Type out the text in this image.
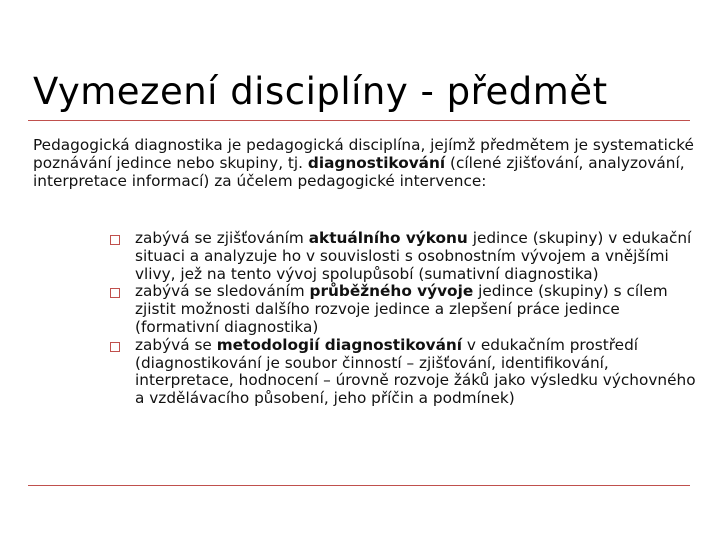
Vymezení disciplíny - předmět

Pedagogická diagnostika je pedagogická disciplína, jejímž předmětem je systematické poznávání jedince nebo skupiny, tj. diagnostikování (cílené zjišťování, analyzování, interpretace informací) za účelem pedagogické intervence:

zabývá se zjišťováním aktuálního výkonu jedince (skupiny) v edukační situaci a analyzuje ho v souvislosti s osobnostním vývojem a vnějšími vlivy, jež na tento vývoj spolupůsobí (sumativní diagnostika)
zabývá se sledováním průběžného vývoje jedince (skupiny) s cílem zjistit možnosti dalšího rozvoje jedince a zlepšení práce jedince (formativní diagnostika)
zabývá se metodologií diagnostikování v edukačním prostředí (diagnostikování je soubor činností – zjišťování, identifikování, interpretace, hodnocení – úrovně rozvoje žáků jako výsledku výchovného a vzdělávacího působení, jeho příčin a podmínek)
